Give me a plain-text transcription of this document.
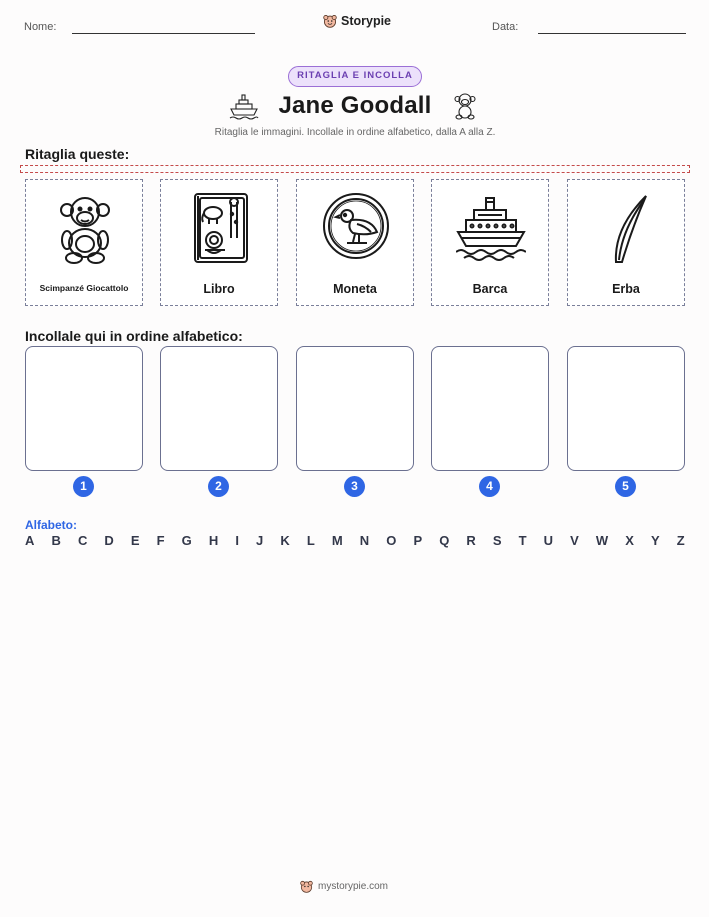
Nome:	Storypie	Data:
RITAGLIA E INCOLLA
Jane Goodall
Ritaglia le immagini. Incollale in ordine alfabetico, dalla A alla Z.
Ritaglia queste:
Scimpanzé Giocattolo	Libro	Moneta	Barca	Erba
Incollale qui in ordine alfabetico:
1	2	3	4	5
Alfabeto:
A B C D E F G H I J K L M N O P Q R S T U V W X Y Z
mystorypie.com
